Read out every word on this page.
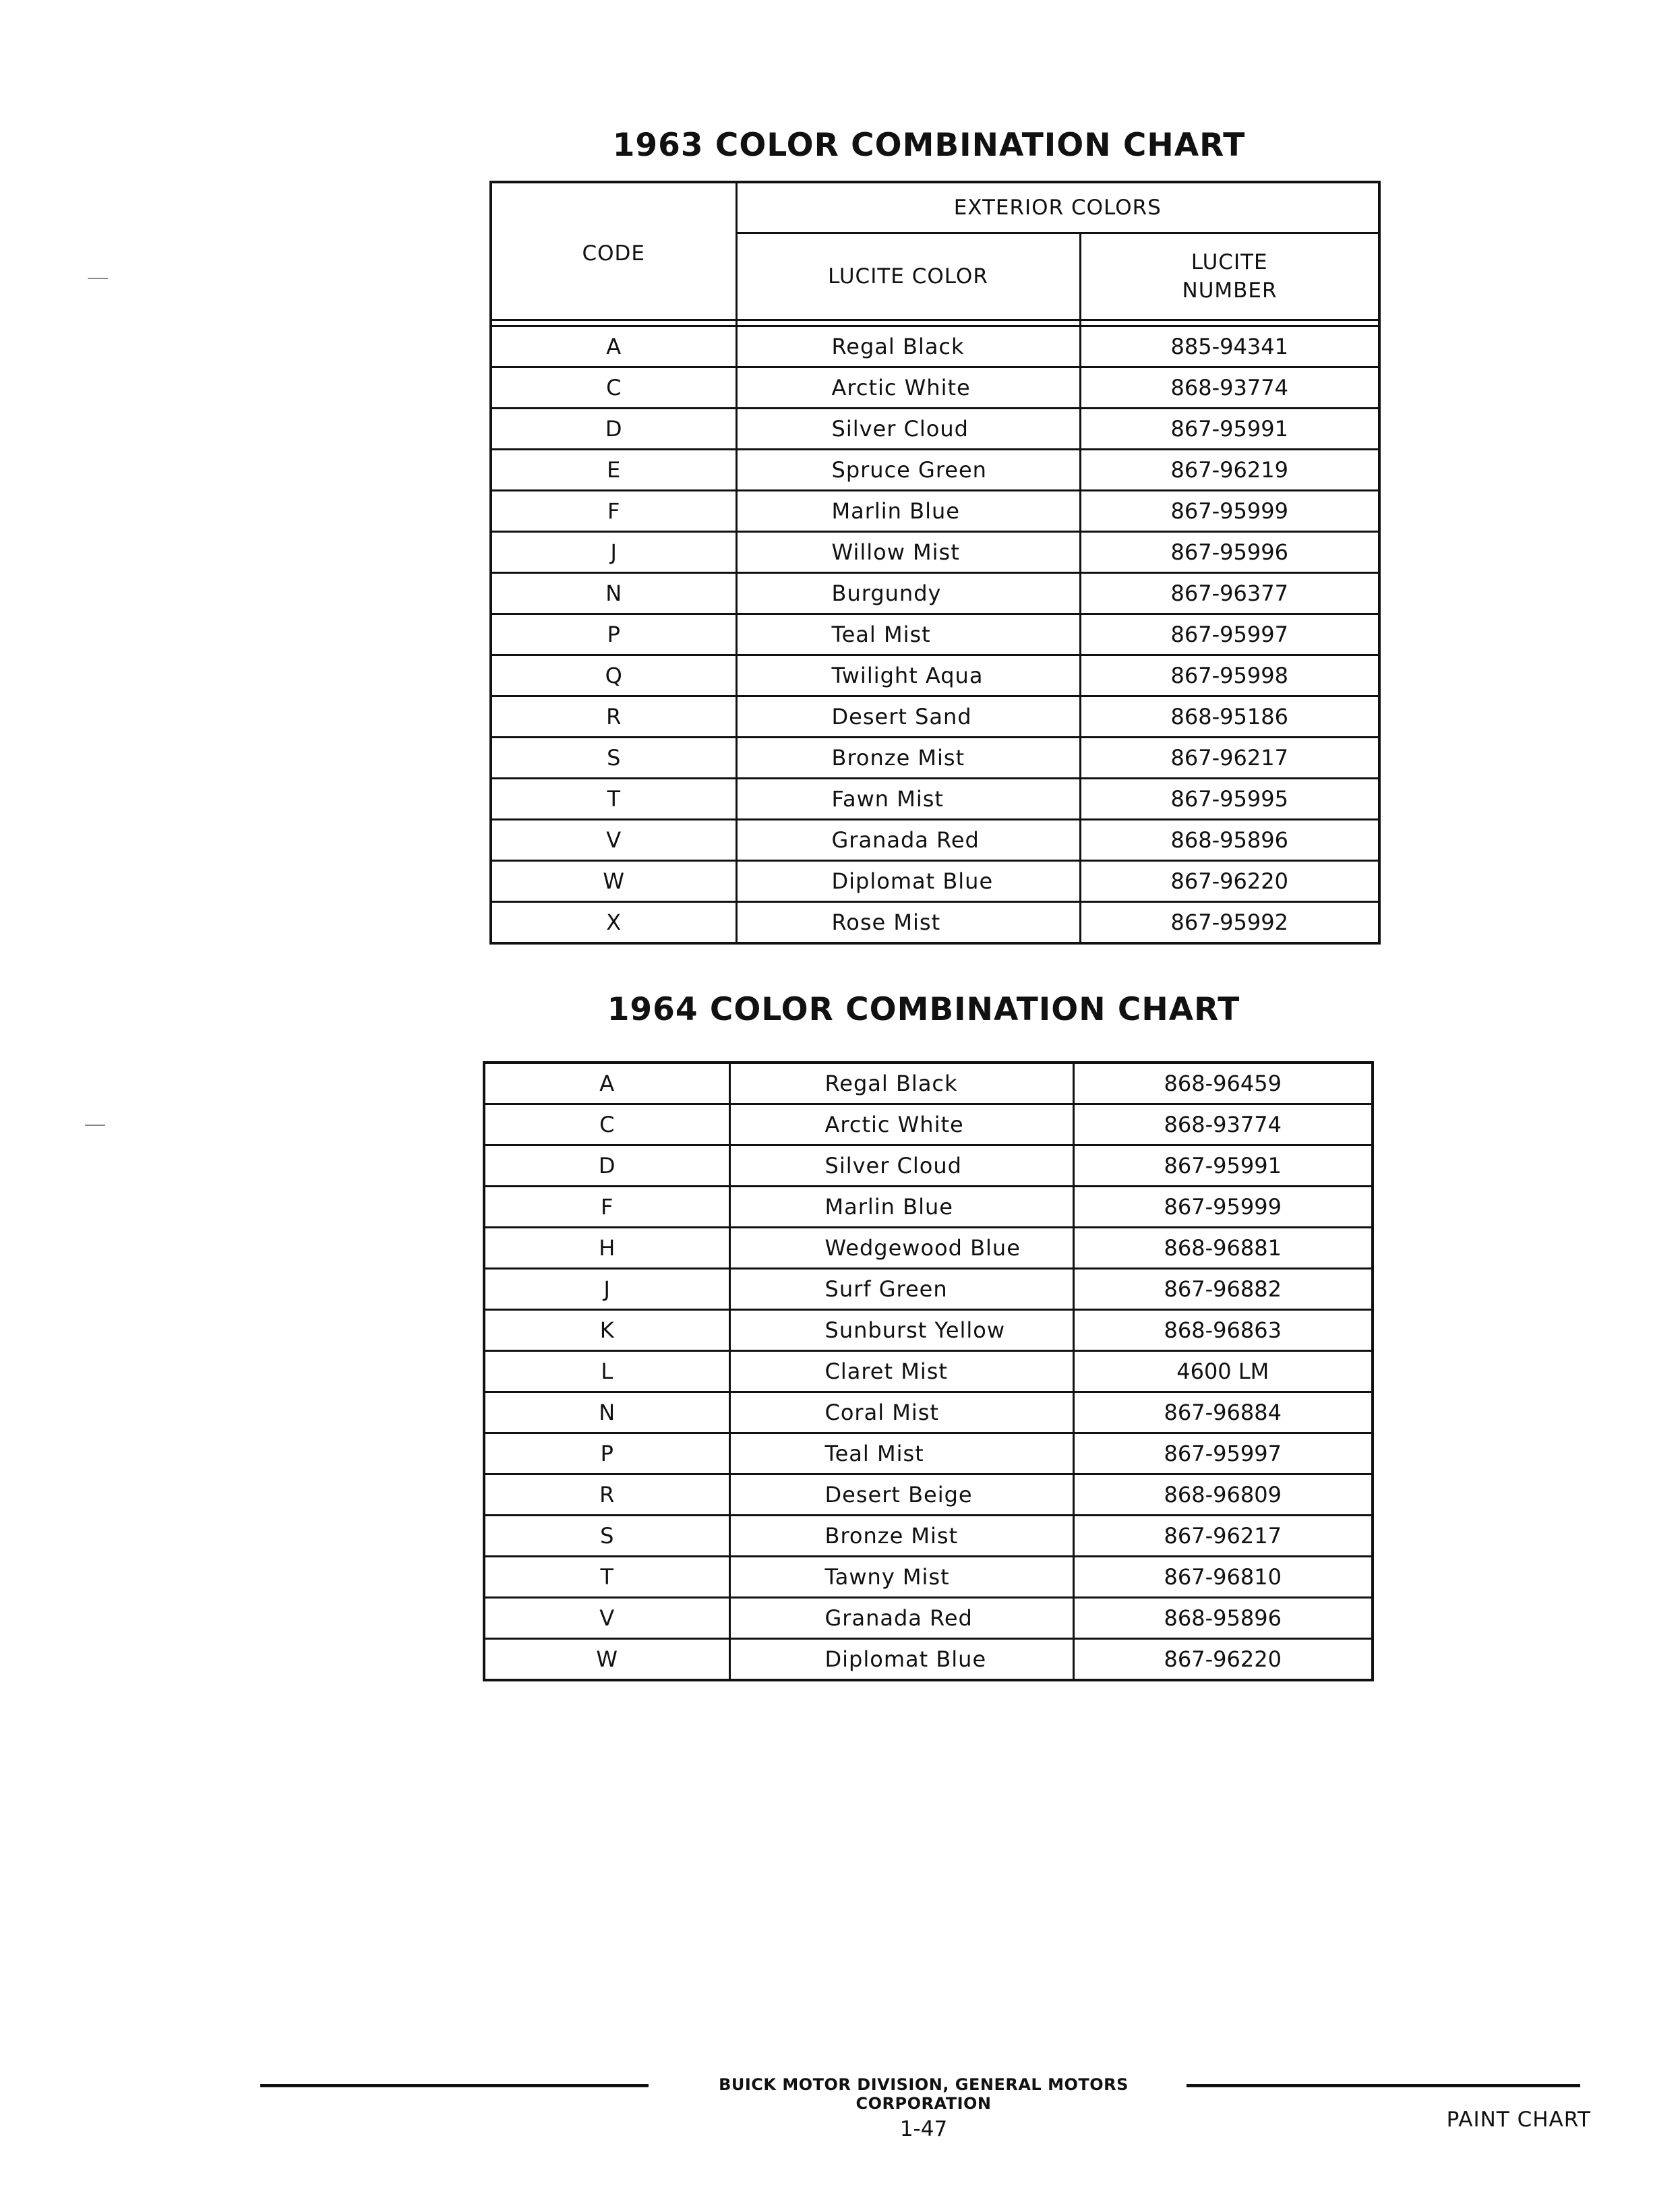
1963 COLOR COMBINATION CHART
CODE	EXTERIOR COLORS	
	LUCITE COLOR	LUCITE NUMBER

A	Regal Black	885-94341
C	Arctic White	868-93774
D	Silver Cloud	867-95991
E	Spruce Green	867-96219
F	Marlin Blue	867-95999
J	Willow Mist	867-95996
N	Burgundy	867-96377
P	Teal Mist	867-95997
Q	Twilight Aqua	867-95998
R	Desert Sand	868-95186
S	Bronze Mist	867-96217
T	Fawn Mist	867-95995
V	Granada Red	868-95896
W	Diplomat Blue	867-96220
X	Rose Mist	867-95992
1964 COLOR COMBINATION CHART
A	Regal Black	868-96459
C	Arctic White	868-93774
D	Silver Cloud	867-95991
F	Marlin Blue	867-95999
H	Wedgewood Blue	868-96881
J	Surf Green	867-96882
K	Sunburst Yellow	868-96863
L	Claret Mist	4600 LM
N	Coral Mist	867-96884
P	Teal Mist	867-95997
R	Desert Beige	868-96809
S	Bronze Mist	867-96217
T	Tawny Mist	867-96810
V	Granada Red	868-95896
W	Diplomat Blue	867-96220
BUICK MOTOR DIVISION, GENERAL MOTORS CORPORATION
1-47	PAINT CHART
